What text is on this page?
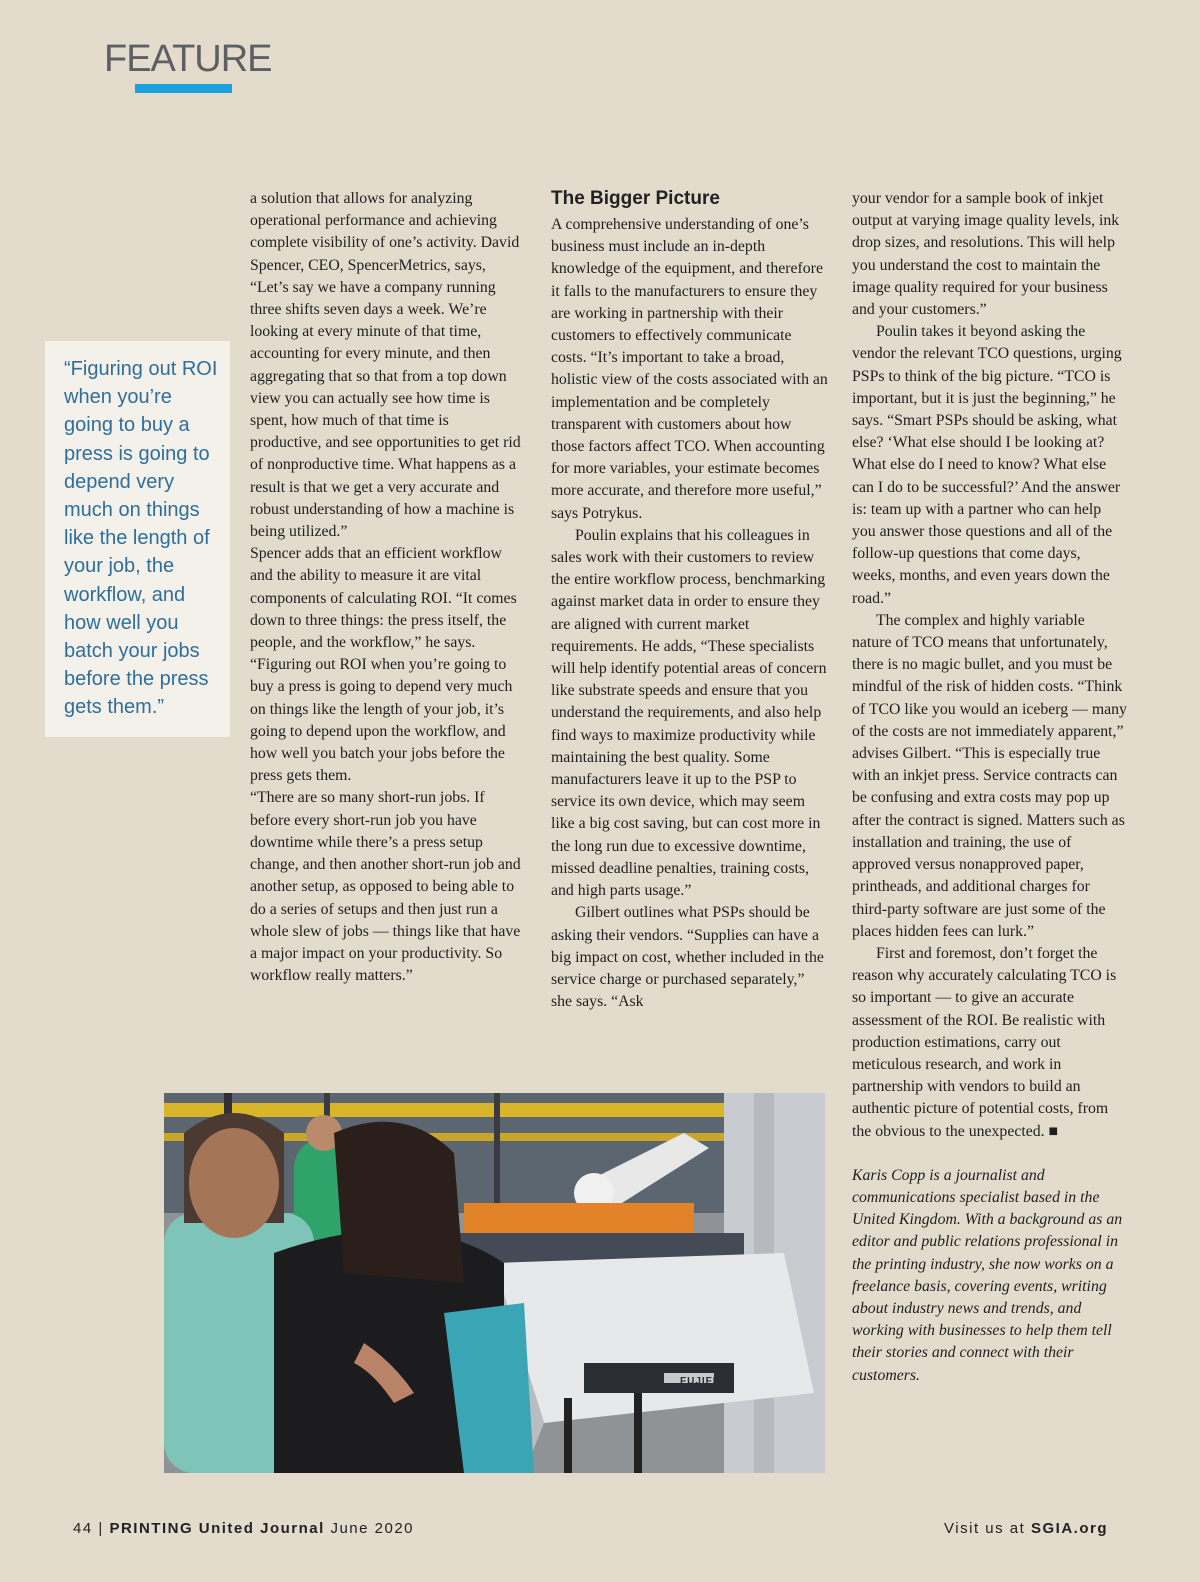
FEATURE
“Figuring out ROI when you’re going to buy a press is going to depend very much on things like the length of your job, the workflow, and how well you batch your jobs before the press gets them.”

a solution that allows for analyzing operational performance and achieving complete visibility of one’s activity. David Spencer, CEO, SpencerMetrics, says, “Let’s say we have a company running three shifts seven days a week. We’re looking at every minute of that time, accounting for every minute, and then aggregating that so that from a top down view you can actually see how time is spent, how much of that time is productive, and see opportunities to get rid of nonproductive time. What happens as a result is that we get a very accurate and robust understanding of how a machine is being utilized.”

Spencer adds that an efficient workflow and the ability to measure it are vital components of calculating ROI. “It comes down to three things: the press itself, the people, and the workflow,” he says. “Figuring out ROI when you’re going to buy a press is going to depend very much on things like the length of your job, it’s going to depend upon the workflow, and how well you batch your jobs before the press gets them.

“There are so many short-run jobs. If before every short-run job you have downtime while there’s a press setup change, and then another short-run job and another setup, as opposed to being able to do a series of setups and then just run a whole slew of jobs — things like that have a major impact on your productivity. So workflow really matters.”

The Bigger Picture

A comprehensive understanding of one’s business must include an in-depth knowledge of the equipment, and therefore it falls to the manufacturers to ensure they are working in partnership with their customers to effectively communicate costs. “It’s important to take a broad, holistic view of the costs associated with an implementation and be completely transparent with customers about how those factors affect TCO. When accounting for more variables, your estimate becomes more accurate, and therefore more useful,” says Potrykus.

Poulin explains that his colleagues in sales work with their customers to review the entire workflow process, benchmarking against market data in order to ensure they are aligned with current market requirements. He adds, “These specialists will help identify potential areas of concern like substrate speeds and ensure that you understand the requirements, and also help find ways to maximize productivity while maintaining the best quality. Some manufacturers leave it up to the PSP to service its own device, which may seem like a big cost saving, but can cost more in the long run due to excessive downtime, missed deadline penalties, training costs, and high parts usage.”

Gilbert outlines what PSPs should be asking their vendors. “Supplies can have a big impact on cost, whether included in the service charge or purchased separately,” she says. “Ask

your vendor for a sample book of inkjet output at varying image quality levels, ink drop sizes, and resolutions. This will help you understand the cost to maintain the image quality required for your business and your customers.”

Poulin takes it beyond asking the vendor the relevant TCO questions, urging PSPs to think of the big picture. “TCO is important, but it is just the beginning,” he says. “Smart PSPs should be asking, what else? ‘What else should I be looking at? What else do I need to know? What else can I do to be successful?’ And the answer is: team up with a partner who can help you answer those questions and all of the follow-up questions that come days, weeks, months, and even years down the road.”

The complex and highly variable nature of TCO means that unfortunately, there is no magic bullet, and you must be mindful of the risk of hidden costs. “Think of TCO like you would an iceberg — many of the costs are not immediately apparent,” advises Gilbert. “This is especially true with an inkjet press. Service contracts can be confusing and extra costs may pop up after the contract is signed. Matters such as installation and training, the use of approved versus nonapproved paper, printheads, and additional charges for third-party software are just some of the places hidden fees can lurk.”

First and foremost, don’t forget the reason why accurately calculating TCO is so important — to give an accurate assessment of the ROI. Be realistic with production estimations, carry out meticulous research, and work in partnership with vendors to build an authentic picture of potential costs, from the obvious to the unexpected. ■

Karis Copp is a journalist and communications specialist based in the United Kingdom. With a background as an editor and public relations professional in the printing industry, she now works on a freelance basis, covering events, writing about industry news and trends, and working with businesses to help them tell their stories and connect with their customers.

FUJIFILM
44 | PRINTING United Journal June 2020	Visit us at SGIA.org
